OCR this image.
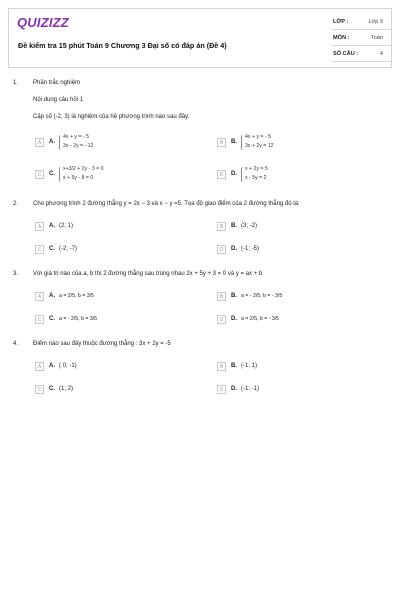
QUIZIZZ
Đề kiểm tra 15 phút Toán 9 Chương 3 Đại số có đáp án (Đề 4)
LỚP :	Lớp 9
MÔN :	Toán
SỐ CÂU :	4
1. Phần trắc nghiệm
Nội dung câu hỏi 1
Cặp số (-2, 3) là nghiệm của hệ phương trình nào sau đây:
A	A.
4x + y = - 5
3x - 2y = - 12	B	B.
4x + y = - 5
3x + 2y = 12
C	C.
x+3/2 + 2y - 3 = 0
x + 5y - 8 = 0	D	D.
x + 2y = 5
x - 5y = 2
2. Cho phương trình 2 đường thẳng y = 2x − 3 và x − y =5. Tọa độ giao điểm của 2 đường thẳng đó là:
A	A. (2; 1)	B	B. (3; -2)
C	C. (-2; -7)	D	D. (-1; -5)
3. Với giá trị nào của a, b thì 2 đường thẳng sau trùng nhau 2x + 5y + 3 = 0 và y = ax + b
A	A. a = 2/5, b = 3/5	B	B. a = - 2/5, b = - 3/5
C	C. a = - 2/5, b = 3/5	D	D. a = 2/5, b = - 3/5
4. Điểm nào sau đây thuộc đường thẳng : 3x + 2y = -5
A	A. ( 0; -1)	B	B. (-1; 1)
C	C. (1; 2)	D	D. (-1; -1)
